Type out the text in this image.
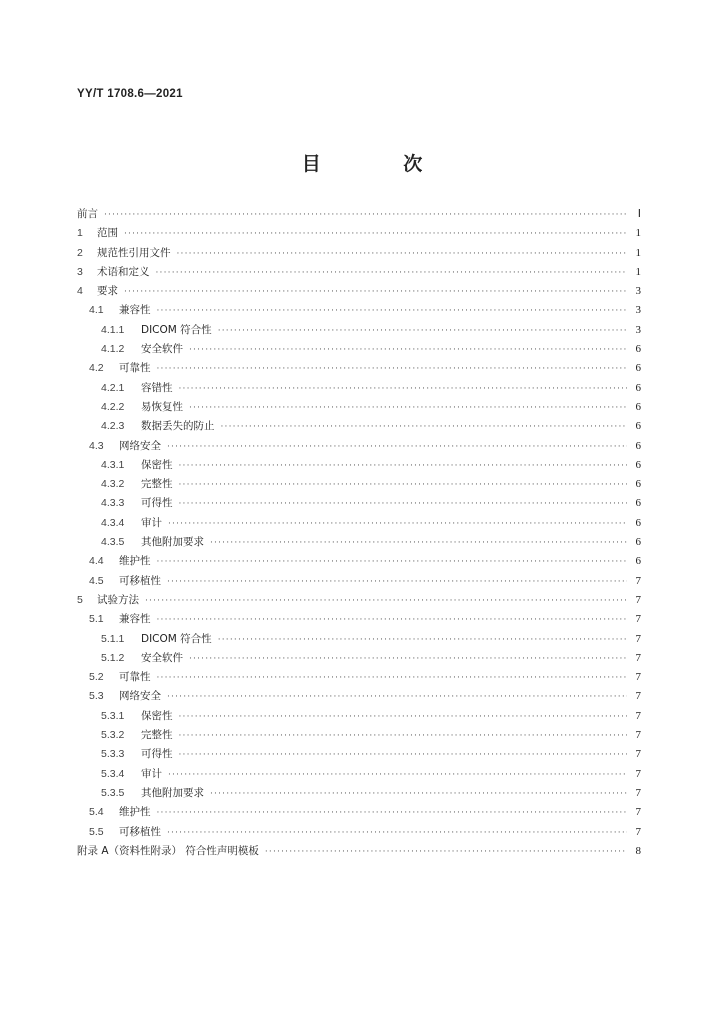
YY/T 1708.6—2021
目 次
前言 ·····	Ⅰ
1	范围 ·····	1
2	规范性引用文件 ·····	1
3	术语和定义 ·····	1
4	要求 ·····	3
4.1	兼容性 ·····	3
4.1.1	DICOM 符合性 ·····	3
4.1.2	安全软件 ·····	6
4.2	可靠性 ·····	6
4.2.1	容错性 ·····	6
4.2.2	易恢复性 ·····	6
4.2.3	数据丢失的防止 ·····	6
4.3	网络安全 ·····	6
4.3.1	保密性 ·····	6
4.3.2	完整性 ·····	6
4.3.3	可得性 ·····	6
4.3.4	审计 ·····	6
4.3.5	其他附加要求 ·····	6
4.4	维护性 ·····	6
4.5	可移植性 ·····	7
5	试验方法 ·····	7
5.1	兼容性 ·····	7
5.1.1	DICOM 符合性 ·····	7
5.1.2	安全软件 ·····	7
5.2	可靠性 ·····	7
5.3	网络安全 ·····	7
5.3.1	保密性 ·····	7
5.3.2	完整性 ·····	7
5.3.3	可得性 ·····	7
5.3.4	审计 ·····	7
5.3.5	其他附加要求 ·····	7
5.4	维护性 ·····	7
5.5	可移植性 ·····	7
附录 A（资料性附录） 符合性声明模板 ·····	8
